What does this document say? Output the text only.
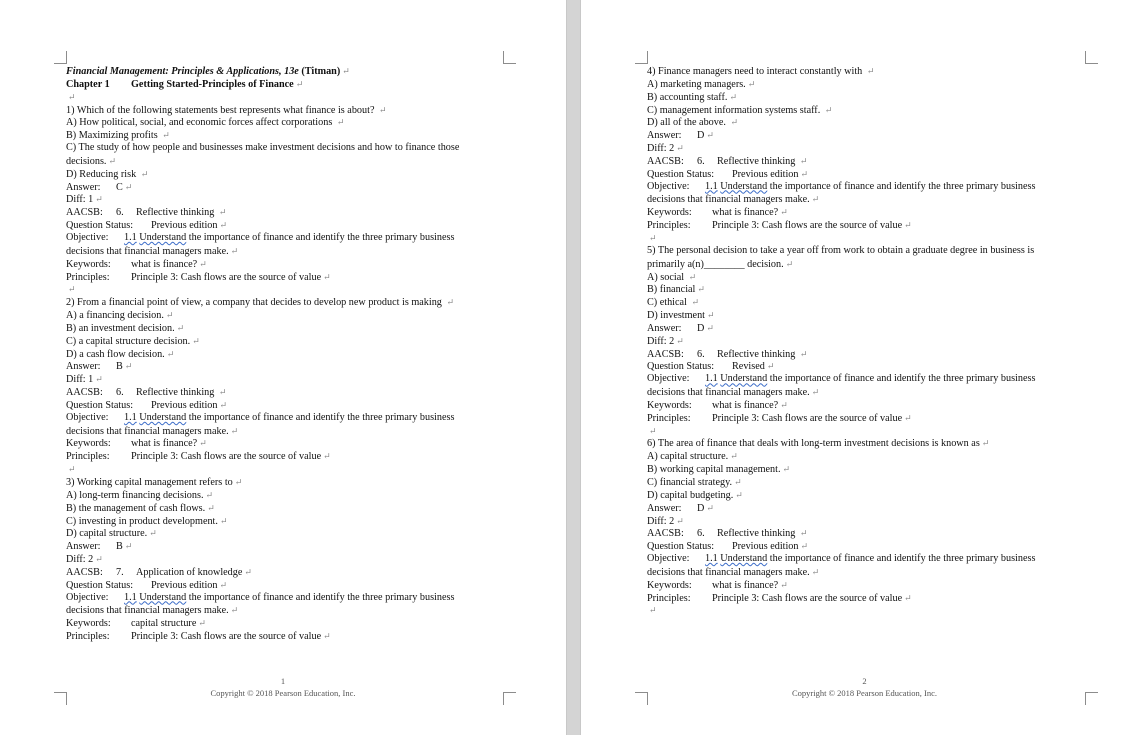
Financial Management: Principles & Applications, 13e (Titman) ↵
Chapter 1 Getting Started-Principles of Finance ↵
↵
1) Which of the following statements best represents what finance is about? ↵
A) How political, social, and economic forces affect corporations ↵
B) Maximizing profits ↵
C) The study of how people and businesses make investment decisions and how to finance those
decisions. ↵
D) Reducing risk ↵
Answer: C ↵
Diff: 1 ↵
AACSB: 6. Reflective thinking ↵
Question Status: Previous edition ↵
Objective: 1.1 Understand the importance of finance and identify the three primary business
decisions that financial managers make. ↵
Keywords: what is finance? ↵
Principles: Principle 3: Cash flows are the source of value ↵
↵
2) From a financial point of view, a company that decides to develop new product is making ↵
A) a financing decision. ↵
B) an investment decision. ↵
C) a capital structure decision. ↵
D) a cash flow decision. ↵
Answer: B ↵
Diff: 1 ↵
AACSB: 6. Reflective thinking ↵
Question Status: Previous edition ↵
Objective: 1.1 Understand the importance of finance and identify the three primary business
decisions that financial managers make. ↵
Keywords: what is finance? ↵
Principles: Principle 3: Cash flows are the source of value ↵
↵
3) Working capital management refers to ↵
A) long-term financing decisions. ↵
B) the management of cash flows. ↵
C) investing in product development. ↵
D) capital structure. ↵
Answer: B ↵
Diff: 2 ↵
AACSB: 7. Application of knowledge ↵
Question Status: Previous edition ↵
Objective: 1.1 Understand the importance of finance and identify the three primary business
decisions that financial managers make. ↵
Keywords: capital structure ↵
Principles: Principle 3: Cash flows are the source of value ↵
1
Copyright © 2018 Pearson Education, Inc.
4) Finance managers need to interact constantly with ↵
A) marketing managers. ↵
B) accounting staff. ↵
C) management information systems staff. ↵
D) all of the above. ↵
Answer: D ↵
Diff: 2 ↵
AACSB: 6. Reflective thinking ↵
Question Status: Previous edition ↵
Objective: 1.1 Understand the importance of finance and identify the three primary business
decisions that financial managers make. ↵
Keywords: what is finance? ↵
Principles: Principle 3: Cash flows are the source of value ↵
↵
5) The personal decision to take a year off from work to obtain a graduate degree in business is
primarily a(n)________ decision. ↵
A) social ↵
B) financial ↵
C) ethical ↵
D) investment ↵
Answer: D ↵
Diff: 2 ↵
AACSB: 6. Reflective thinking ↵
Question Status: Revised ↵
Objective: 1.1 Understand the importance of finance and identify the three primary business
decisions that financial managers make. ↵
Keywords: what is finance? ↵
Principles: Principle 3: Cash flows are the source of value ↵
↵
6) The area of finance that deals with long-term investment decisions is known as ↵
A) capital structure. ↵
B) working capital management. ↵
C) financial strategy. ↵
D) capital budgeting. ↵
Answer: D ↵
Diff: 2 ↵
AACSB: 6. Reflective thinking ↵
Question Status: Previous edition ↵
Objective: 1.1 Understand the importance of finance and identify the three primary business
decisions that financial managers make. ↵
Keywords: what is finance? ↵
Principles: Principle 3: Cash flows are the source of value ↵
↵
2
Copyright © 2018 Pearson Education, Inc.
